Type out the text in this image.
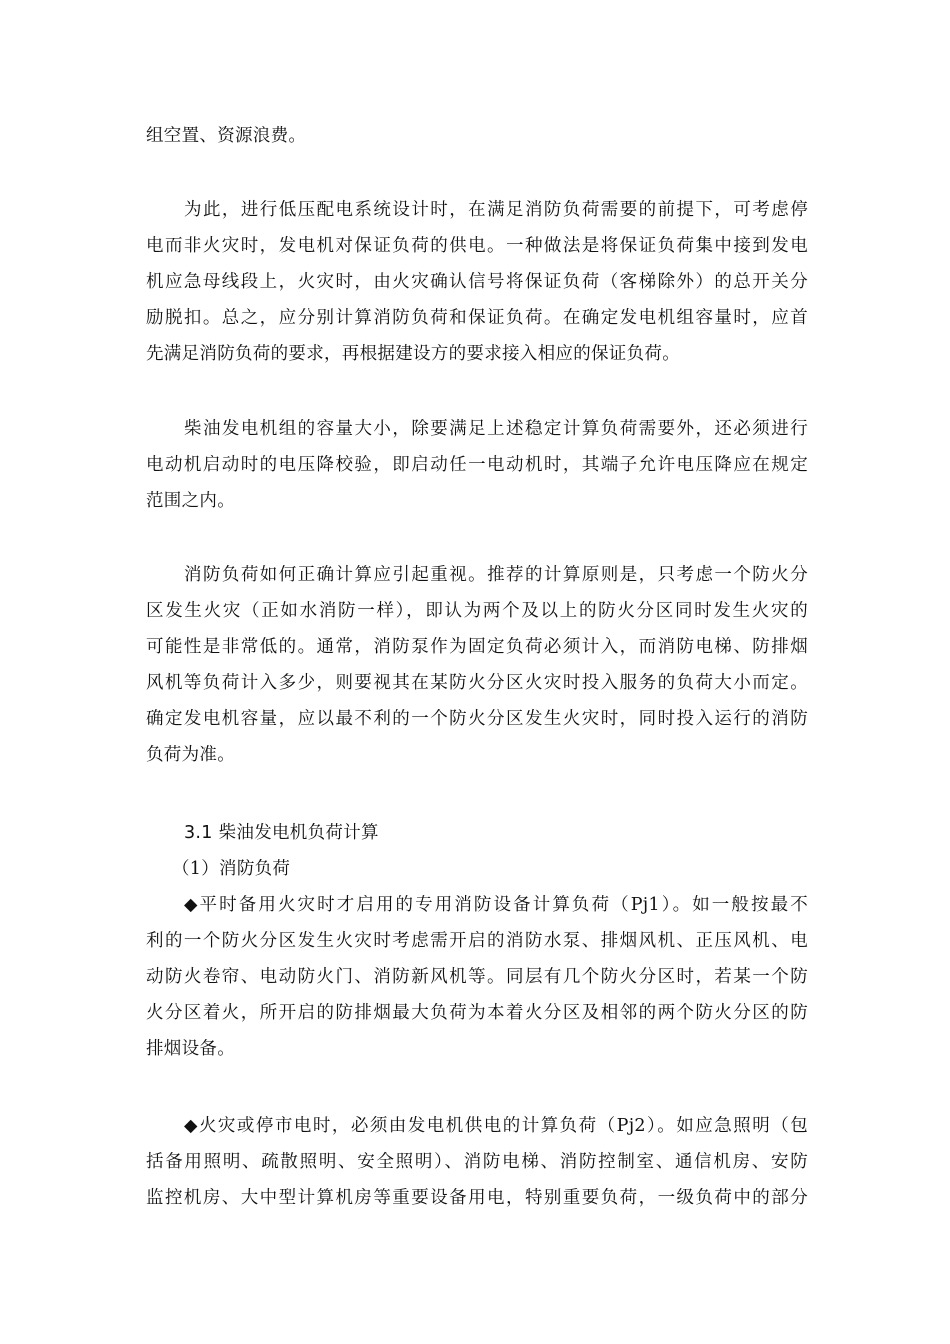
组空置、资源浪费。
为此，进行低压配电系统设计时，在满足消防负荷需要的前提下，可考虑停
电而非火灾时，发电机对保证负荷的供电。一种做法是将保证负荷集中接到发电
机应急母线段上，火灾时，由火灾确认信号将保证负荷（客梯除外）的总开关分
励脱扣。总之，应分别计算消防负荷和保证负荷。在确定发电机组容量时，应首
先满足消防负荷的要求，再根据建设方的要求接入相应的保证负荷。
柴油发电机组的容量大小，除要满足上述稳定计算负荷需要外，还必须进行
电动机启动时的电压降校验，即启动任一电动机时，其端子允许电压降应在规定
范围之内。
消防负荷如何正确计算应引起重视。推荐的计算原则是，只考虑一个防火分
区发生火灾（正如水消防一样），即认为两个及以上的防火分区同时发生火灾的
可能性是非常低的。通常，消防泵作为固定负荷必须计入，而消防电梯、防排烟
风机等负荷计入多少，则要视其在某防火分区火灾时投入服务的负荷大小而定。
确定发电机容量，应以最不利的一个防火分区发生火灾时，同时投入运行的消防
负荷为准。
3.1 柴油发电机负荷计算
（1）消防负荷
◆平时备用火灾时才启用的专用消防设备计算负荷（Pj1）。如一般按最不
利的一个防火分区发生火灾时考虑需开启的消防水泵、排烟风机、正压风机、电
动防火卷帘、电动防火门、消防新风机等。同层有几个防火分区时，若某一个防
火分区着火，所开启的防排烟最大负荷为本着火分区及相邻的两个防火分区的防
排烟设备。
◆火灾或停市电时，必须由发电机供电的计算负荷（Pj2）。如应急照明（包
括备用照明、疏散照明、安全照明）、消防电梯、消防控制室、通信机房、安防
监控机房、大中型计算机房等重要设备用电，特别重要负荷，一级负荷中的部分
